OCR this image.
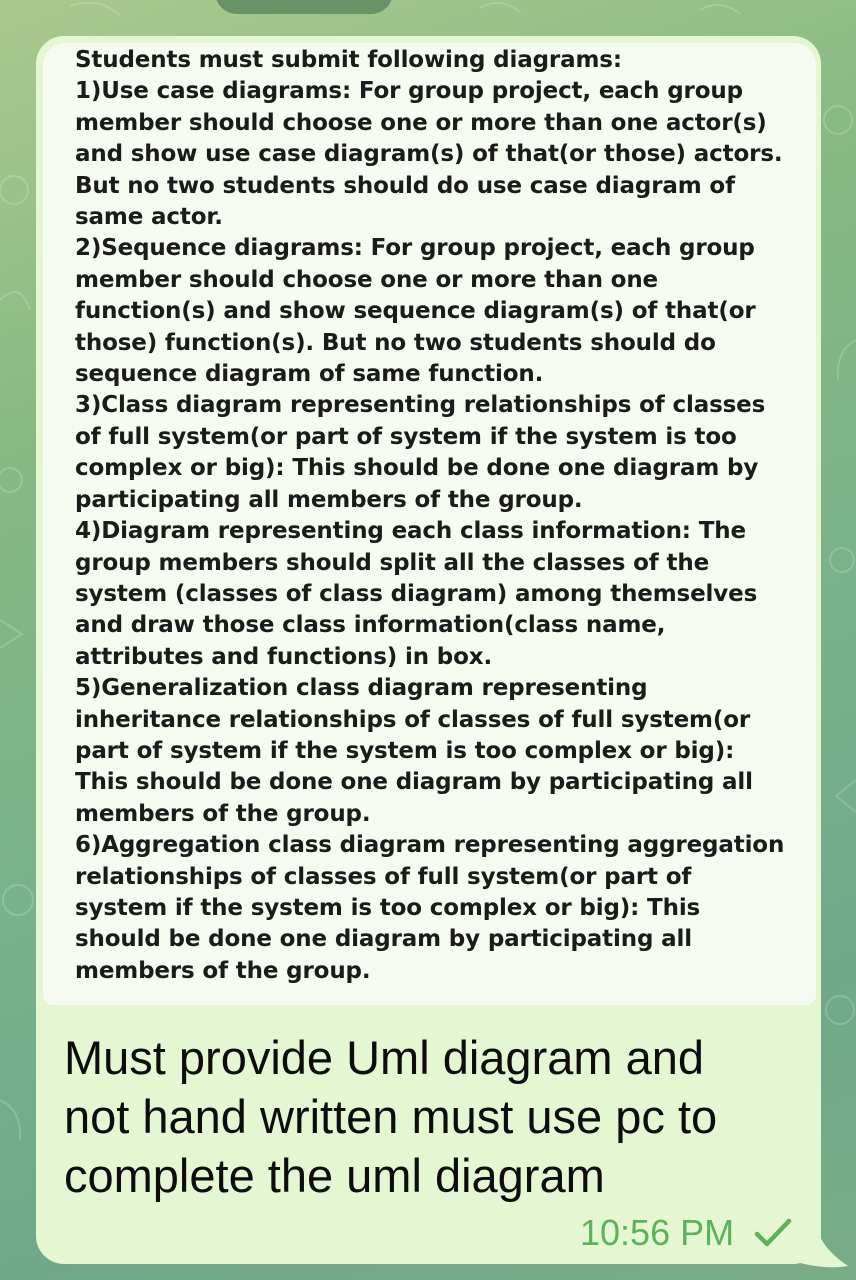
Students must submit following diagrams:
1)Use case diagrams: For group project, each group
member should choose one or more than one actor(s)
and show use case diagram(s) of that(or those) actors.
But no two students should do use case diagram of
same actor.
2)Sequence diagrams: For group project, each group
member should choose one or more than one
function(s) and show sequence diagram(s) of that(or
those) function(s). But no two students should do
sequence diagram of same function.
3)Class diagram representing relationships of classes
of full system(or part of system if the system is too
complex or big): This should be done one diagram by
participating all members of the group.
4)Diagram representing each class information: The
group members should split all the classes of the
system (classes of class diagram) among themselves
and draw those class information(class name,
attributes and functions) in box.
5)Generalization class diagram representing
inheritance relationships of classes of full system(or
part of system if the system is too complex or big):
This should be done one diagram by participating all
members of the group.
6)Aggregation class diagram representing aggregation
relationships of classes of full system(or part of
system if the system is too complex or big): This
should be done one diagram by participating all
members of the group.
Must provide Uml diagram and
not hand written must use pc to
complete the uml diagram
10:56 PM
